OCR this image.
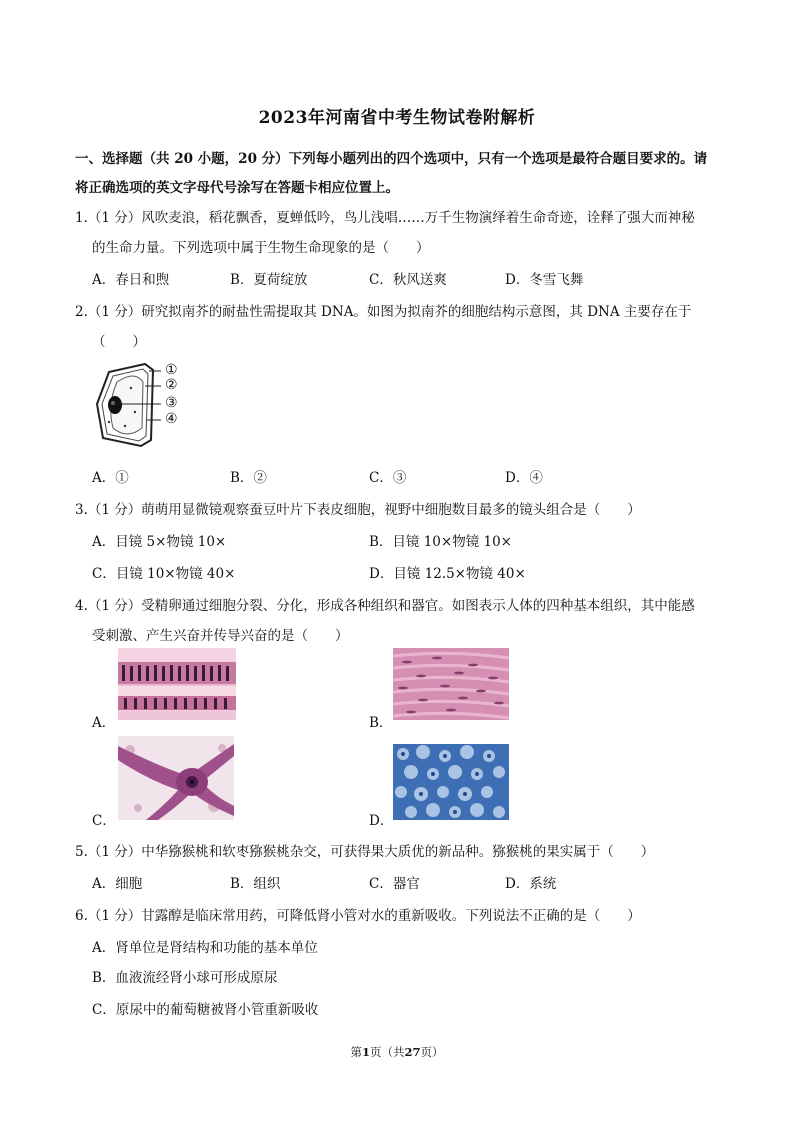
2023年河南省中考生物试卷附解析
一、选择题（共 20 小题，20 分）下列每小题列出的四个选项中，只有一个选项是最符合题目要求的。请
将正确选项的英文字母代号涂写在答题卡相应位置上。
1.（1 分）风吹麦浪，稻花飘香，夏蝉低吟，鸟儿浅唱……万千生物演绎着生命奇迹，诠释了强大而神秘
的生命力量。下列选项中属于生物生命现象的是（　　）
A．春日和煦	B．夏荷绽放	C．秋风送爽	D．冬雪飞舞
2.（1 分）研究拟南芥的耐盐性需提取其 DNA。如图为拟南芥的细胞结构示意图，其 DNA 主要存在于
（　　）
①
②
③
④
A．①	B．②	C．③	D．④
3.（1 分）萌萌用显微镜观察蚕豆叶片下表皮细胞，视野中细胞数目最多的镜头组合是（　　）
A．目镜 5×物镜 10×	B．目镜 10×物镜 10×
C．目镜 10×物镜 40×	D．目镜 12.5×物镜 40×
4.（1 分）受精卵通过细胞分裂、分化，形成各种组织和器官。如图表示人体的四种基本组织，其中能感
受刺激、产生兴奋并传导兴奋的是（　　）
A．	B．
C．	D．
5.（1 分）中华猕猴桃和软枣猕猴桃杂交，可获得果大质优的新品种。猕猴桃的果实属于（　　）
A．细胞	B．组织	C．器官	D．系统
6.（1 分）甘露醇是临床常用药，可降低肾小管对水的重新吸收。下列说法不正确的是（　　）
A．肾单位是肾结构和功能的基本单位
B．血液流经肾小球可形成原尿
C．原尿中的葡萄糖被肾小管重新吸收
第1页（共27页）
